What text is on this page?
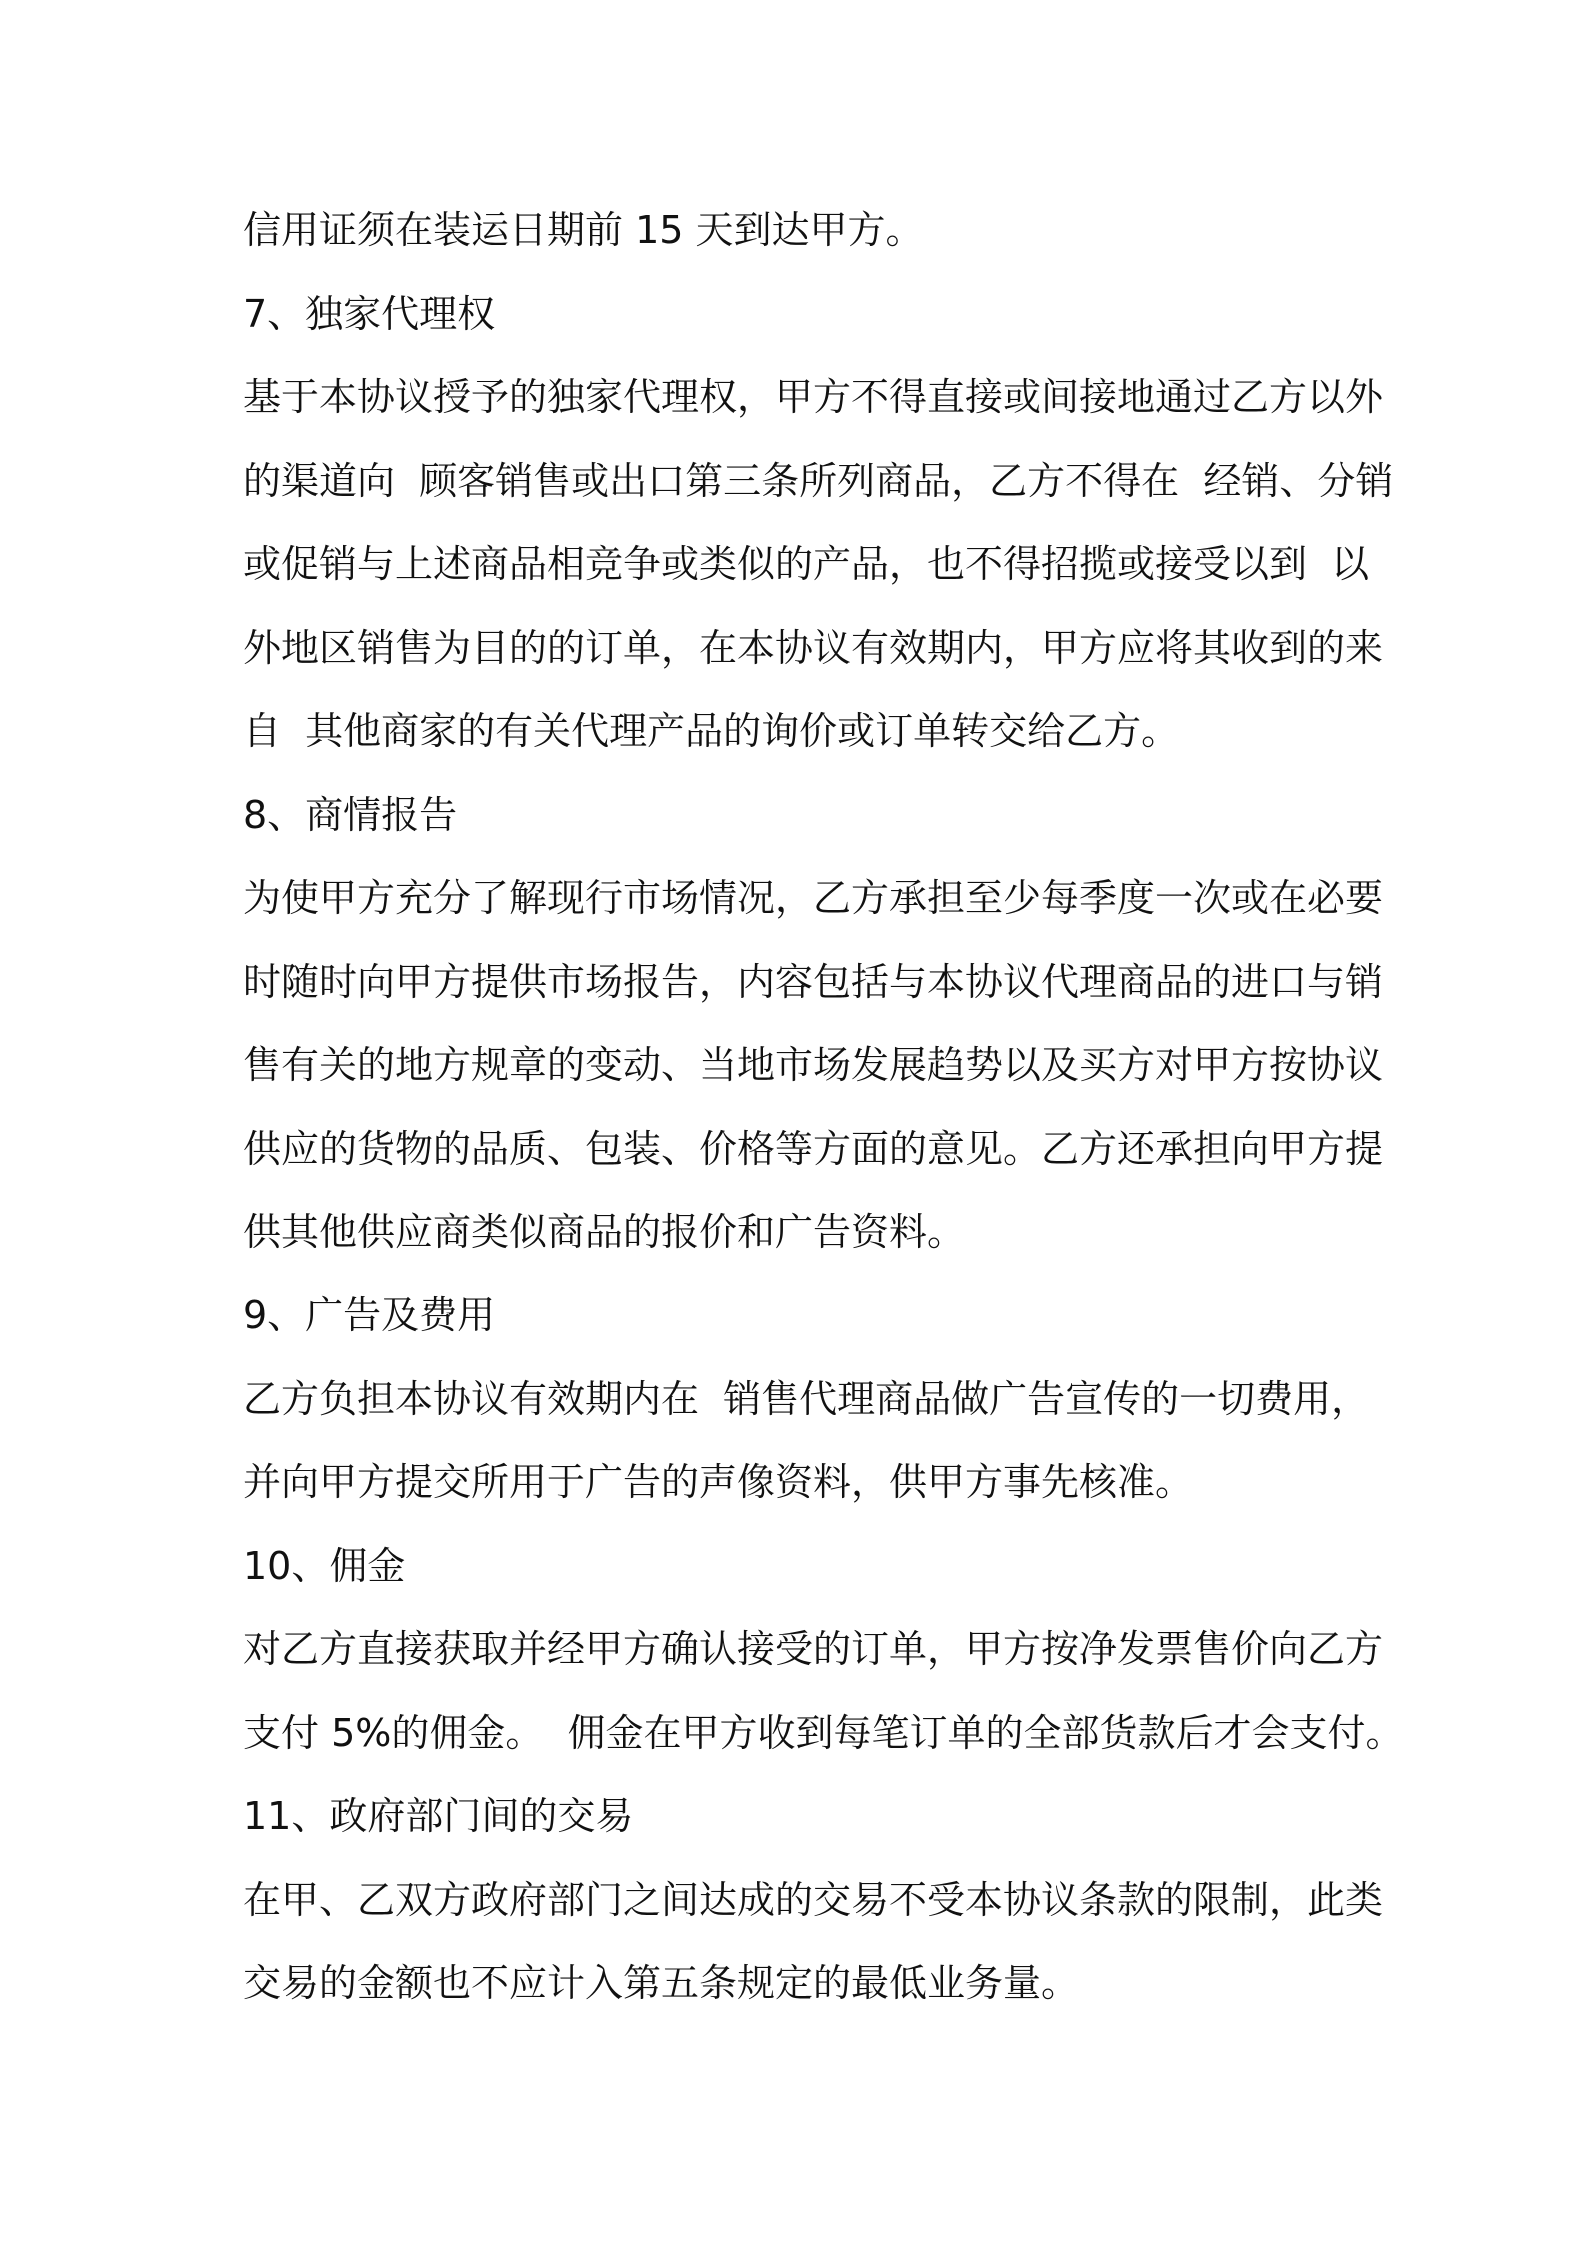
信用证须在装运日期前 15 天到达甲方。
7、独家代理权
基于本协议授予的独家代理权，甲方不得直接或间接地通过乙方以外
的渠道向  顾客销售或出口第三条所列商品，乙方不得在  经销、分销
或促销与上述商品相竞争或类似的产品，也不得招揽或接受以到  以
外地区销售为目的的订单，在本协议有效期内，甲方应将其收到的来
自  其他商家的有关代理产品的询价或订单转交给乙方。
8、商情报告
为使甲方充分了解现行市场情况，乙方承担至少每季度一次或在必要
时随时向甲方提供市场报告，内容包括与本协议代理商品的进口与销
售有关的地方规章的变动、当地市场发展趋势以及买方对甲方按协议
供应的货物的品质、包装、价格等方面的意见。乙方还承担向甲方提
供其他供应商类似商品的报价和广告资料。
9、广告及费用
乙方负担本协议有效期内在  销售代理商品做广告宣传的一切费用，
并向甲方提交所用于广告的声像资料，供甲方事先核准。
10、佣金
对乙方直接获取并经甲方确认接受的订单，甲方按净发票售价向乙方
支付 5%的佣金。  佣金在甲方收到每笔订单的全部货款后才会支付。
11、政府部门间的交易
在甲、乙双方政府部门之间达成的交易不受本协议条款的限制，此类
交易的金额也不应计入第五条规定的最低业务量。
